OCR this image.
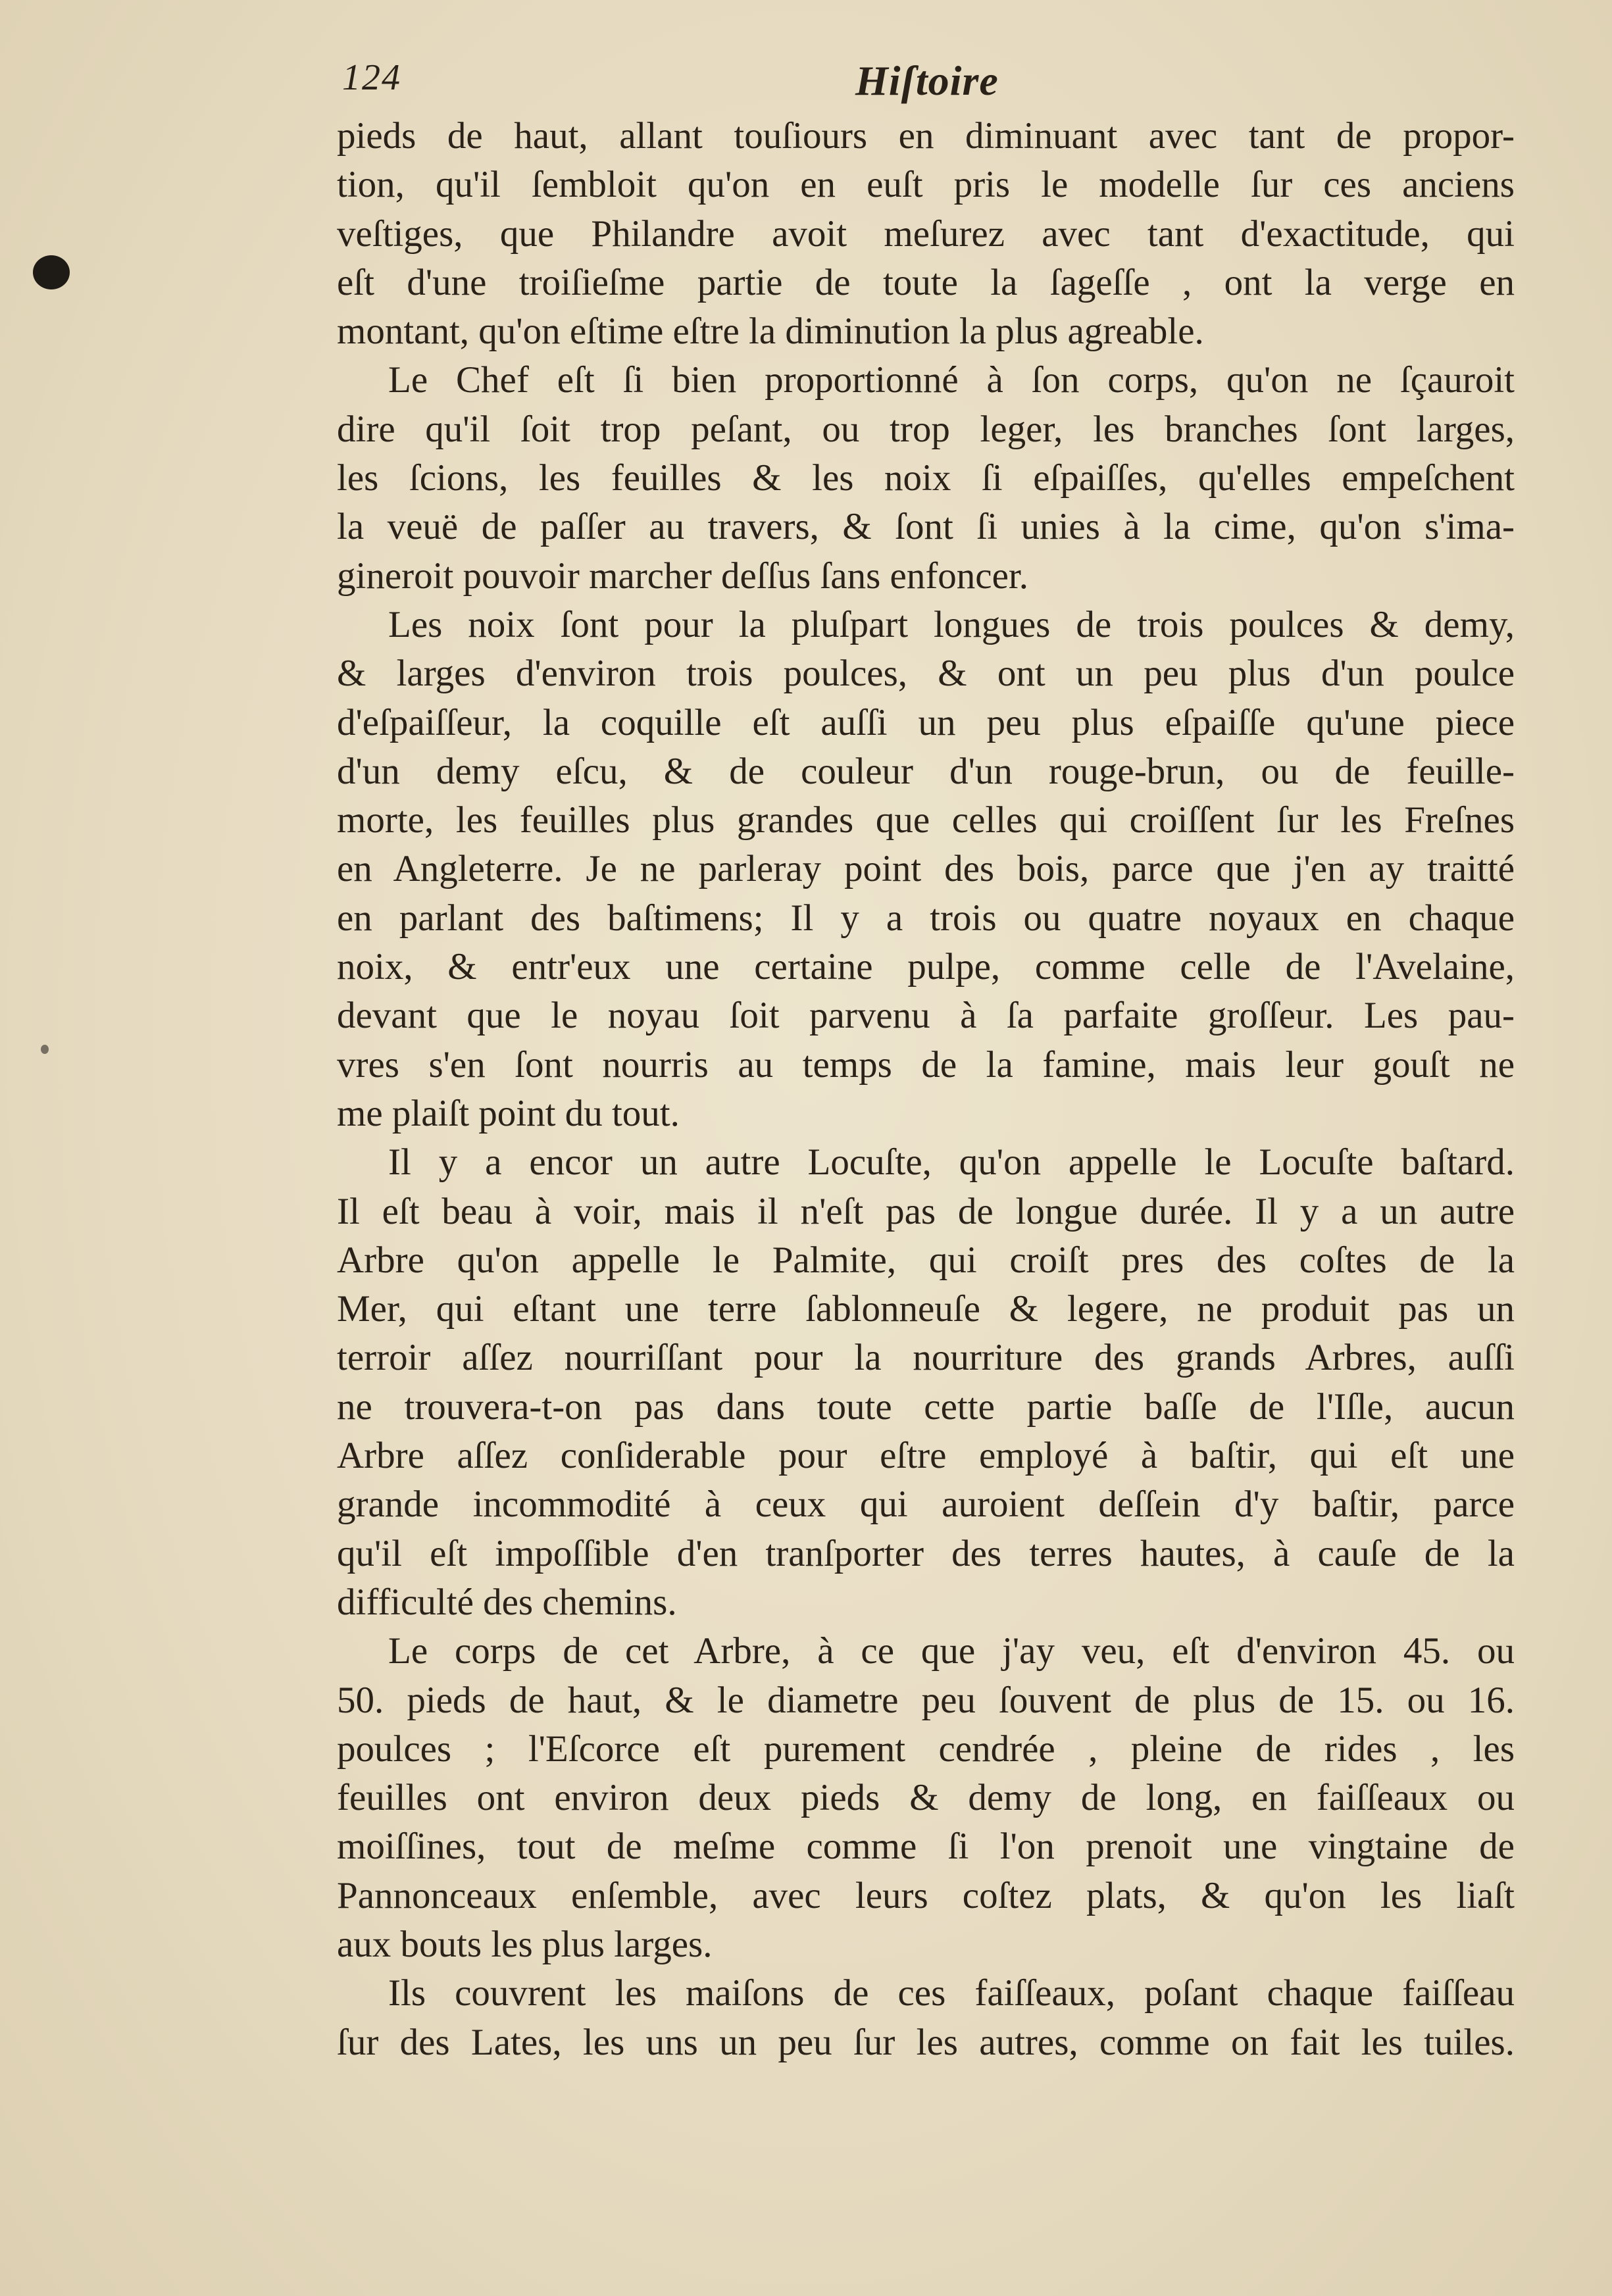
124	Hiſtoire
pieds de haut, allant touſiours en diminuant avec tant de propor-
tion, qu'il ſembloit qu'on en euſt pris le modelle ſur ces anciens
veſtiges, que Philandre avoit meſurez avec tant d'exactitude, qui
eſt d'une troiſieſme partie de toute la ſageſſe , ont la verge en
montant, qu'on eſtime eſtre la diminution la plus agreable.
Le Chef eſt ſi bien proportionné à ſon corps, qu'on ne ſçauroit
dire qu'il ſoit trop peſant, ou trop leger, les branches ſont larges,
les ſcions, les feuilles & les noix ſi eſpaiſſes, qu'elles empeſchent
la veuë de paſſer au travers, & ſont ſi unies à la cime, qu'on s'ima-
gineroit pouvoir marcher deſſus ſans enfoncer.
Les noix ſont pour la pluſpart longues de trois poulces & demy,
& larges d'environ trois poulces, & ont un peu plus d'un poulce
d'eſpaiſſeur, la coquille eſt auſſi un peu plus eſpaiſſe qu'une piece
d'un demy eſcu, & de couleur d'un rouge-brun, ou de feuille-
morte, les feuilles plus grandes que celles qui croiſſent ſur les Freſnes
en Angleterre. Je ne parleray point des bois, parce que j'en ay traitté
en parlant des baſtimens; Il y a trois ou quatre noyaux en chaque
noix, & entr'eux une certaine pulpe, comme celle de l'Avelaine,
devant que le noyau ſoit parvenu à ſa parfaite groſſeur. Les pau-
vres s'en ſont nourris au temps de la famine, mais leur gouſt ne
me plaiſt point du tout.
Il y a encor un autre Locuſte, qu'on appelle le Locuſte baſtard.
Il eſt beau à voir, mais il n'eſt pas de longue durée. Il y a un autre
Arbre qu'on appelle le Palmite, qui croiſt pres des coſtes de la
Mer, qui eſtant une terre ſablonneuſe & legere, ne produit pas un
terroir aſſez nourriſſant pour la nourriture des grands Arbres, auſſi
ne trouvera-t-on pas dans toute cette partie baſſe de l'Iſle, aucun
Arbre aſſez conſiderable pour eſtre employé à baſtir, qui eſt une
grande incommodité à ceux qui auroient deſſein d'y baſtir, parce
qu'il eſt impoſſible d'en tranſporter des terres hautes, à cauſe de la
difficulté des chemins.
Le corps de cet Arbre, à ce que j'ay veu, eſt d'environ 45. ou
50. pieds de haut, & le diametre peu ſouvent de plus de 15. ou 16.
poulces ; l'Eſcorce eſt purement cendrée , pleine de rides , les
feuilles ont environ deux pieds & demy de long, en faiſſeaux ou
moiſſines, tout de meſme comme ſi l'on prenoit une vingtaine de
Pannonceaux enſemble, avec leurs coſtez plats, & qu'on les liaſt
aux bouts les plus larges.
Ils couvrent les maiſons de ces faiſſeaux, poſant chaque faiſſeau
ſur des Lates, les uns un peu ſur les autres, comme on fait les tuiles.
